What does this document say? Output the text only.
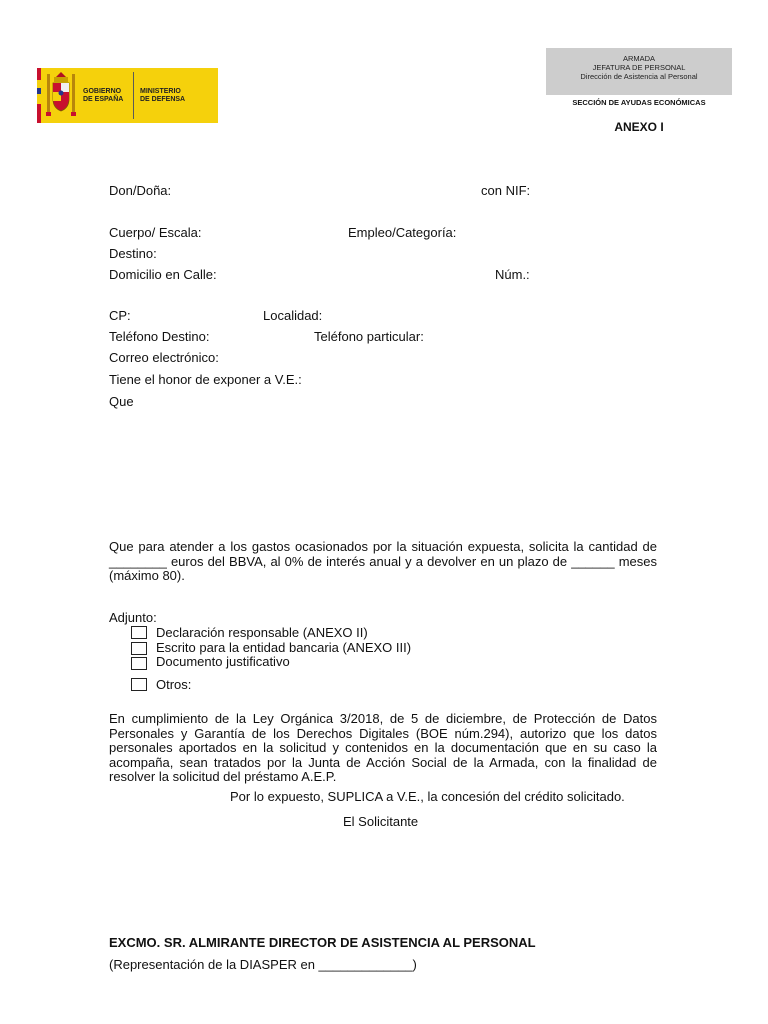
GOBIERNO
DE ESPAÑA
MINISTERIO
DE DEFENSA
ARMADA
JEFATURA DE PERSONAL
Dirección de Asistencia al Personal
SECCIÓN DE AYUDAS ECONÓMICAS
ANEXO I
Don/Doña:	con NIF:
Cuerpo/ Escala:	Empleo/Categoría:
Destino:
Domicilio en Calle:	Núm.:
CP:	Localidad:
Teléfono Destino:	Teléfono particular:
Correo electrónico:
Tiene el honor de exponer a V.E.:
Que
Que para atender a los gastos ocasionados por la situación expuesta, solicita la cantidad de ________ euros del BBVA, al 0% de interés anual y a devolver en un plazo de ______ meses (máximo 80).
Adjunto:
Declaración responsable (ANEXO II)
Escrito para la entidad bancaria (ANEXO III)
Documento justificativo
Otros:
En cumplimiento de la Ley Orgánica 3/2018, de 5 de diciembre, de Protección de Datos Personales y Garantía de los Derechos Digitales (BOE núm.294), autorizo que los datos personales aportados en la solicitud y contenidos en la documentación que en su caso la acompaña, sean tratados por la Junta de Acción Social de la Armada, con la finalidad de resolver la solicitud del préstamo A.E.P.
Por lo expuesto, SUPLICA a V.E., la concesión del crédito solicitado.
El Solicitante
EXCMO. SR. ALMIRANTE DIRECTOR DE ASISTENCIA AL PERSONAL
(Representación de la DIASPER en _____________)
